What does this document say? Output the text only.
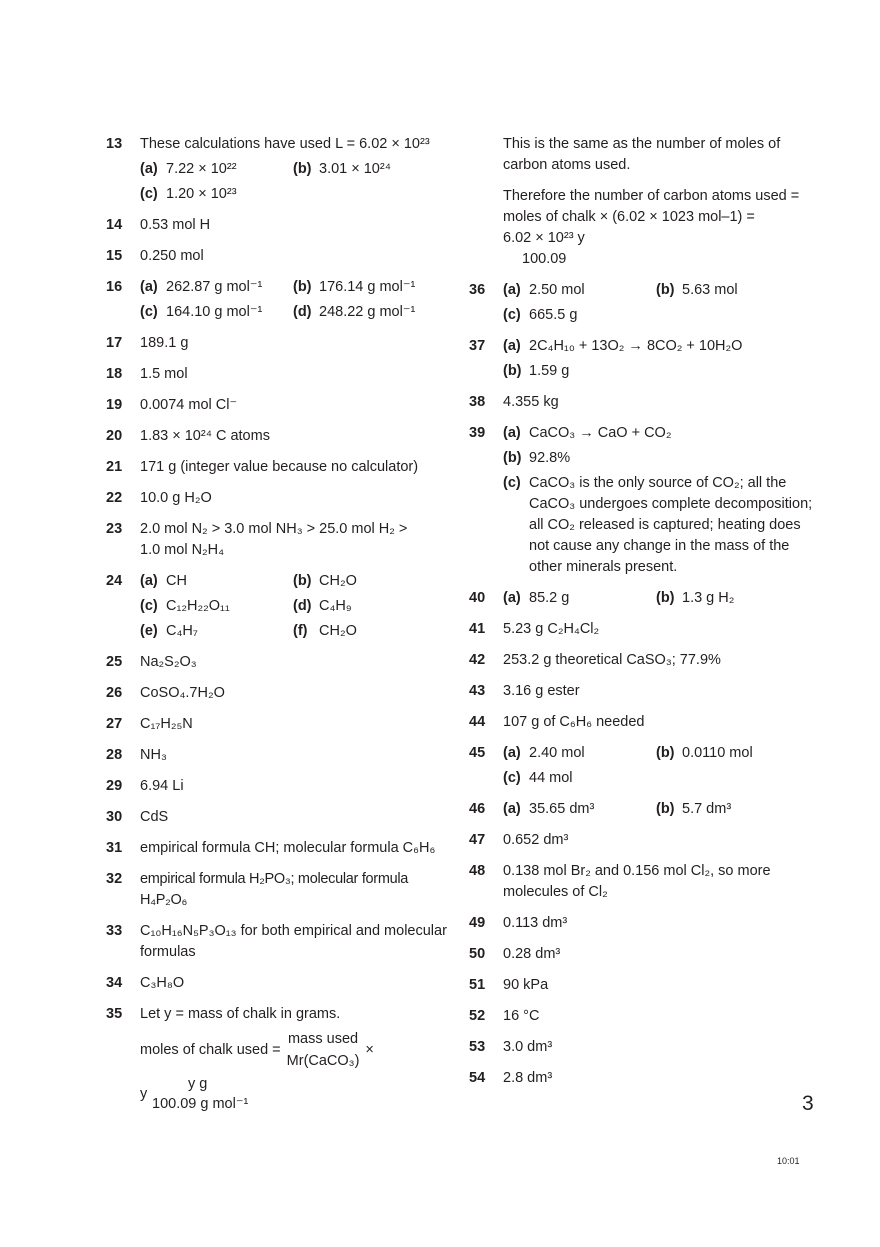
13 These calculations have used L = 6.02 × 10²³
(a) 7.22 × 10²²	(b) 3.01 × 10²⁴
(c) 1.20 × 10²³
14 0.53 mol H
15 0.250 mol
16 (a) 262.87 g mol⁻¹	(b) 176.14 g mol⁻¹
(c) 164.10 g mol⁻¹	(d) 248.22 g mol⁻¹
17 189.1 g
18 1.5 mol
19 0.0074 mol Cl⁻
20 1.83 × 10²⁴ C atoms
21 171 g (integer value because no calculator)
22 10.0 g H₂O
23 2.0 mol N₂ > 3.0 mol NH₃ > 25.0 mol H₂ > 1.0 mol N₂H₄
24 (a) CH	(b) CH₂O
(c) C₁₂H₂₂O₁₁	(d) C₄H₉
(e) C₄H₇	(f) CH₂O
25 Na₂S₂O₃
26 CoSO₄.7H₂O
27 C₁₇H₂₅N
28 NH₃
29 6.94 Li
30 CdS
31 empirical formula CH; molecular formula C₆H₆
32 empirical formula H₂PO₃; molecular formula H₄P₂O₆
33 C₁₀H₁₆N₅P₃O₁₃ for both empirical and molecular formulas
34 C₃H₈O
35 Let y = mass of chalk in grams.
moles of chalk used =
mass used
Mr(CaCO₃)
×
y
y g
100.09 g mol⁻¹
This is the same as the number of moles of carbon atoms used.
Therefore the number of carbon atoms used = moles of chalk × (6.02 × 1023 mol–1) =
6.02 × 10²³ y
100.09
36 (a) 2.50 mol	(b) 5.63 mol
(c) 665.5 g
37 (a) 2C₄H₁₀ + 13O₂ → 8CO₂ + 10H₂O
(b) 1.59 g
38 4.355 kg
39 (a) CaCO₃ → CaO + CO₂
(b) 92.8%
(c) CaCO₃ is the only source of CO₂; all the CaCO₃ undergoes complete decomposition; all CO₂ released is captured; heating does not cause any change in the mass of the other minerals present.
40 (a) 85.2 g	(b) 1.3 g H₂
41 5.23 g C₂H₄Cl₂
42 253.2 g theoretical CaSO₃; 77.9%
43 3.16 g ester
44 107 g of C₆H₆ needed
45 (a) 2.40 mol	(b) 0.0110 mol
(c) 44 mol
46 (a) 35.65 dm³	(b) 5.7 dm³
47 0.652 dm³
48 0.138 mol Br₂ and 0.156 mol Cl₂, so more molecules of Cl₂
49 0.113 dm³
50 0.28 dm³
51 90 kPa
52 16 °C
53 3.0 dm³
54 2.8 dm³
3
10:01
